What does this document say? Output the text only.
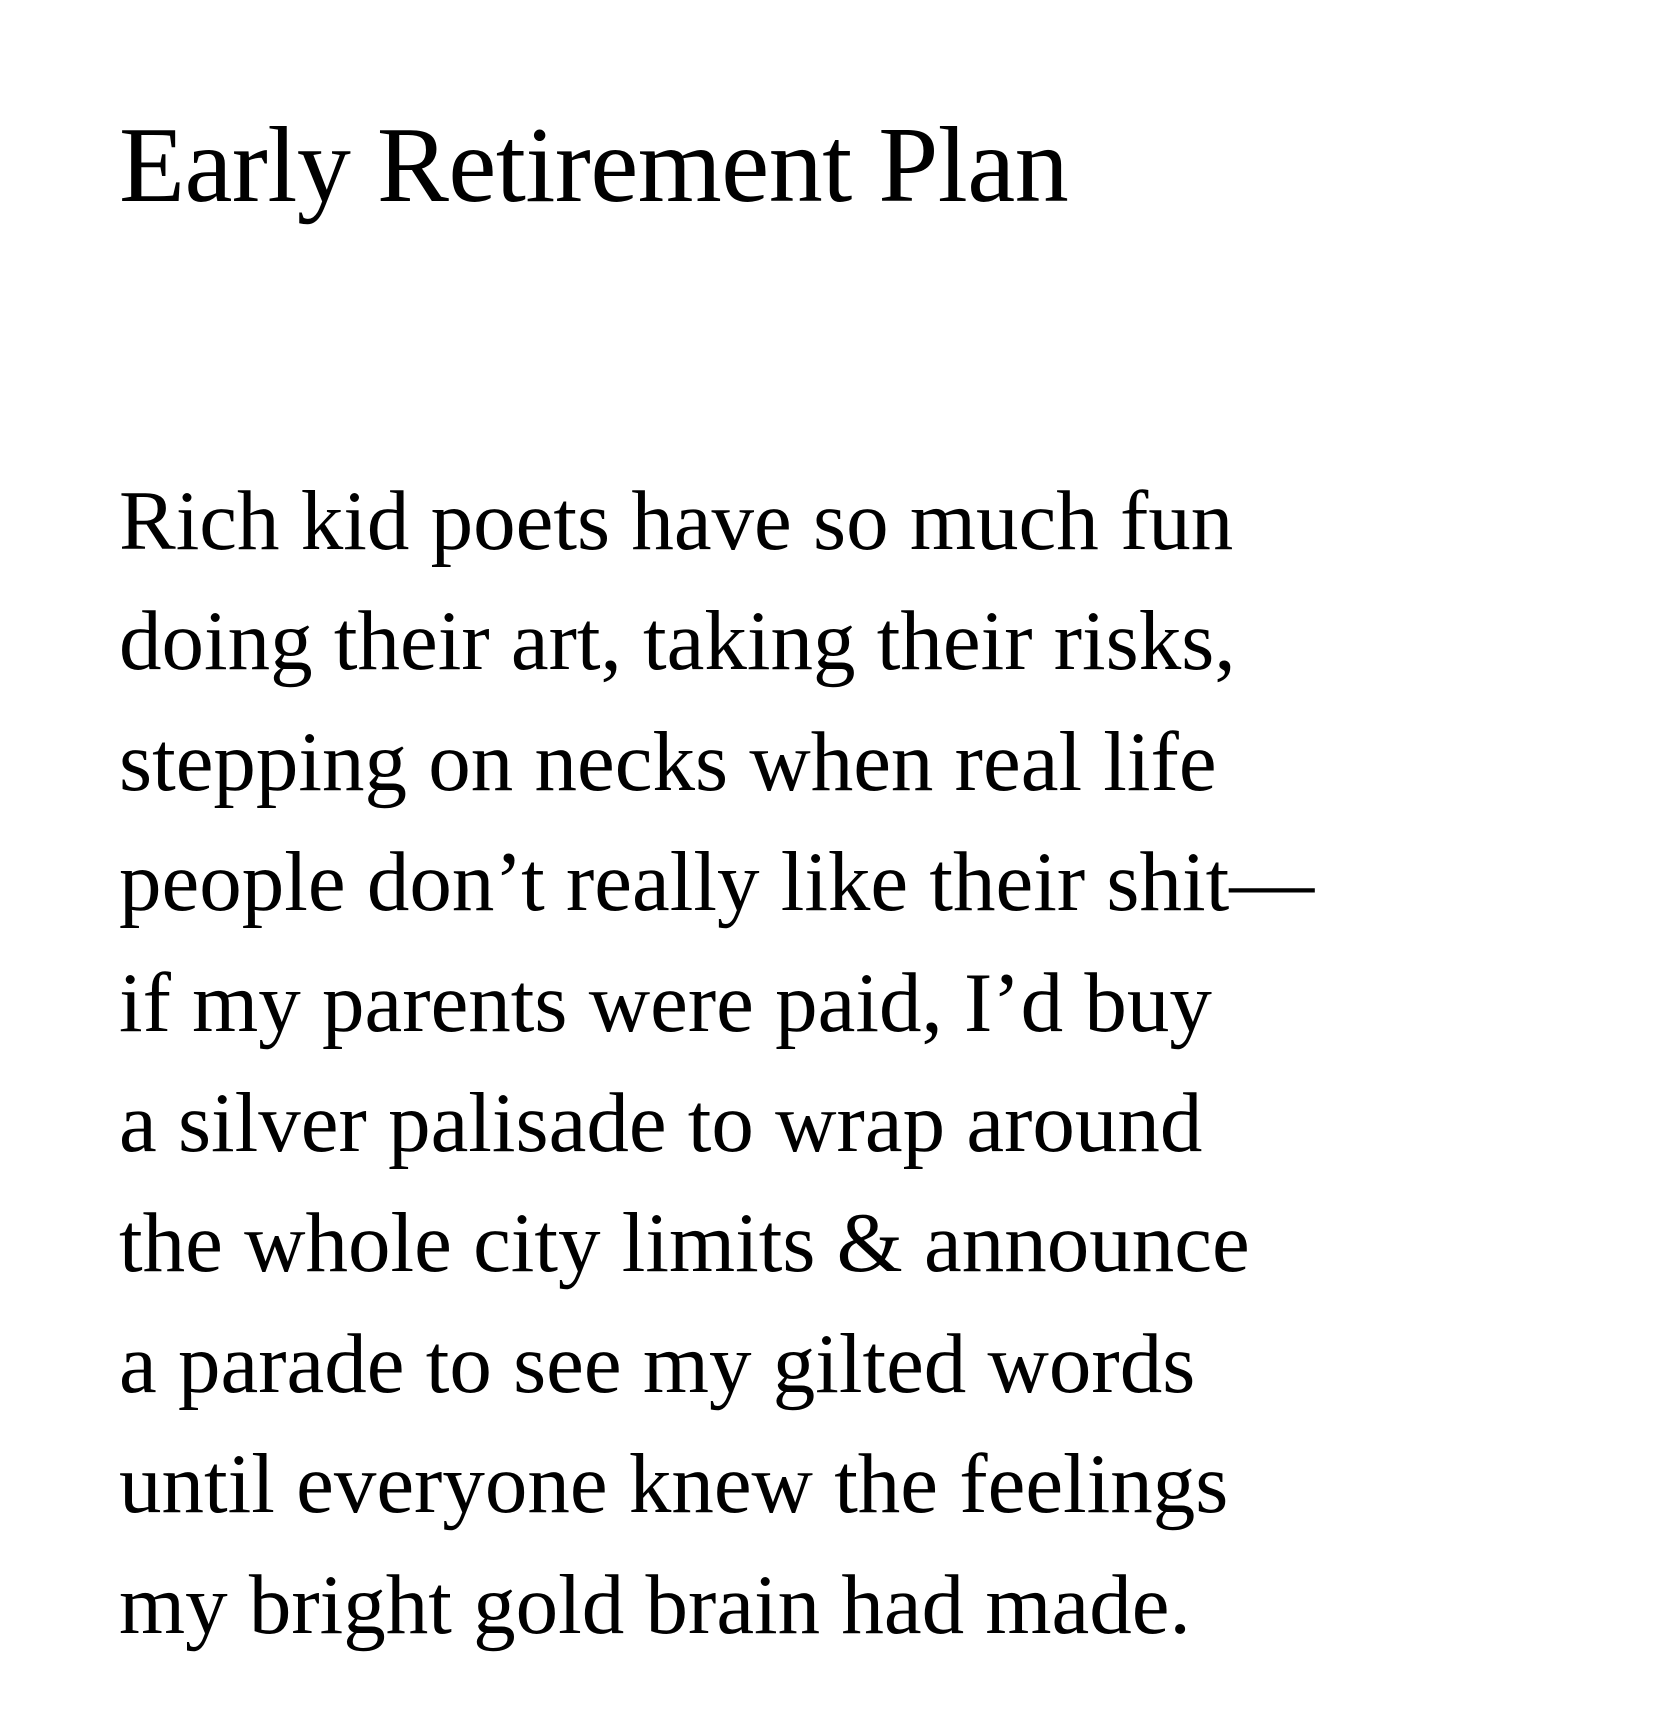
Early Retirement Plan
Rich kid poets have so much fun
doing their art, taking their risks,
stepping on necks when real life
people don’t really like their shit—
if my parents were paid, I’d buy
a silver palisade to wrap around
the whole city limits & announce
a parade to see my gilted words
until everyone knew the feelings
my bright gold brain had made.
